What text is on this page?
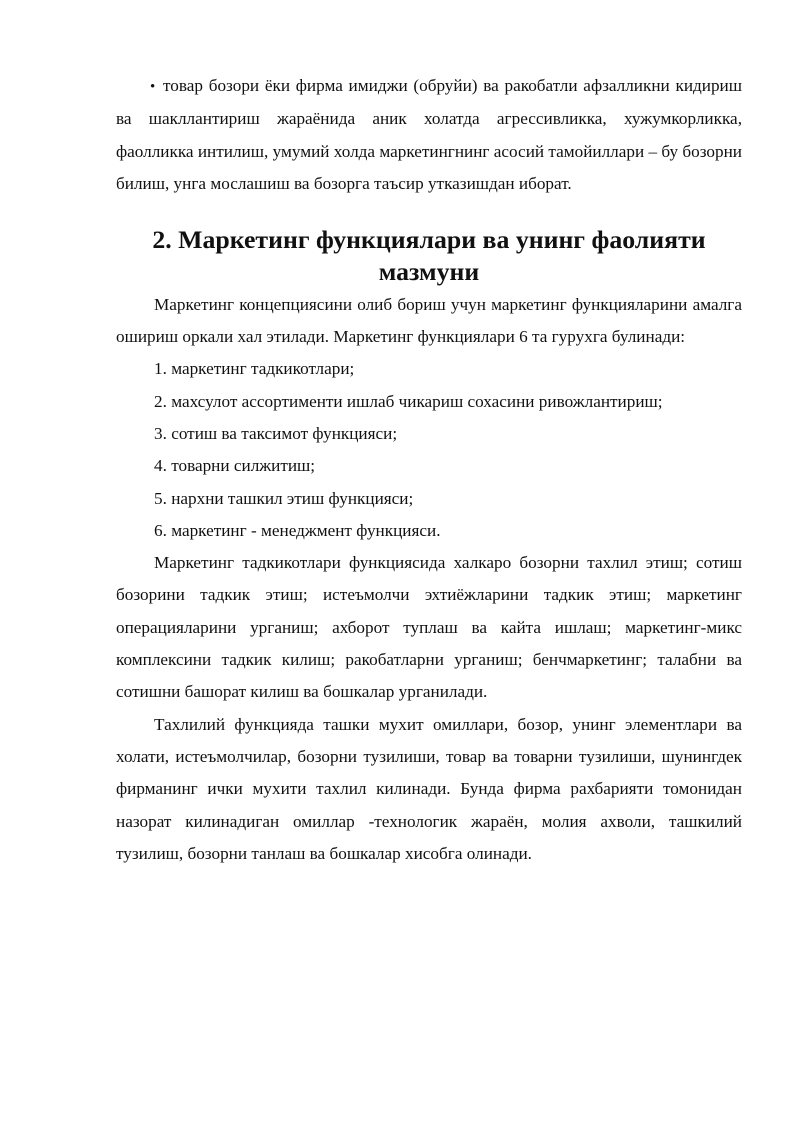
• товар бозори ёки фирма имиджи (обруйи) ва ракобатли афзалликни кидириш ва шакллантириш жараёнида аник холатда агрессивликка, хужумкорликка, фаолликка интилиш, умумий холда маркетингнинг асосий тамойиллари – бу бозорни билиш, унга мослашиш ва бозорга таъсир утказишдан иборат.

2. Маркетинг функциялари ва унинг фаолияти мазмуни

Маркетинг концепциясини олиб бориш учун маркетинг функцияларини амалга ошириш оркали хал этилади. Маркетинг функциялари 6 та гурухга булинади:

1. маркетинг тадкикотлари;
2. махсулот ассортименти ишлаб чикариш сохасини ривожлантириш;
3. сотиш ва таксимот функцияси;
4. товарни силжитиш;
5. нархни ташкил этиш функцияси;
6. маркетинг - менеджмент функцияси.

Маркетинг тадкикотлари функциясида халкаро бозорни тахлил этиш; сотиш бозорини тадкик этиш; истеъмолчи эхтиёжларини тадкик этиш; маркетинг операцияларини урганиш; ахборот туплаш ва кайта ишлаш; маркетинг-микс комплексини тадкик килиш; ракобатларни урганиш; бенчмаркетинг; талабни ва сотишни башорат килиш ва бошкалар урганилади.

Тахлилий функцияда ташки мухит омиллари, бозор, унинг элементлари ва холати, истеъмолчилар, бозорни тузилиши, товар ва товарни тузилиши, шунингдек фирманинг ички мухити тахлил килинади. Бунда фирма рахбарияти томонидан назорат килинадиган омиллар -технологик жараён, молия ахволи, ташкилий тузилиш, бозорни танлаш ва бошкалар хисобга олинади.
